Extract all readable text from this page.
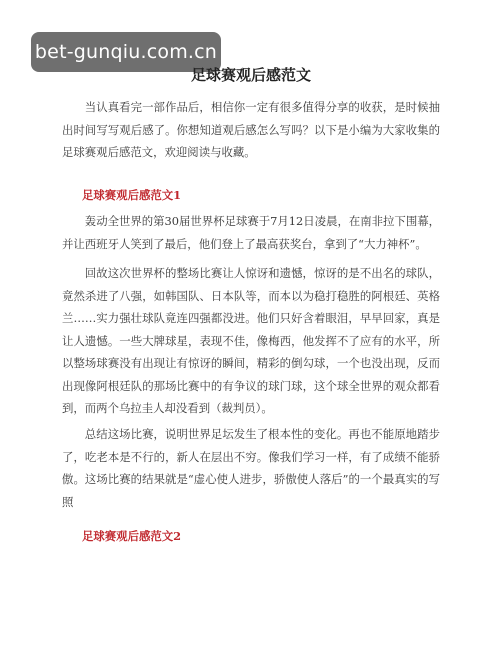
bet-gunqiu.com.cn
足球赛观后感范文

当认真看完一部作品后，相信你一定有很多值得分享的收获，是时候抽出时间写写观后感了。你想知道观后感怎么写吗？以下是小编为大家收集的足球赛观后感范文，欢迎阅读与收藏。

足球赛观后感范文1

轰动全世界的第30届世界杯足球赛于7月12日凌晨，在南非拉下围幕，并让西班牙人笑到了最后，他们登上了最高获奖台，拿到了“大力神杯”。

回故这次世界杯的整场比赛让人惊讶和遗憾，惊讶的是不出名的球队，竟然杀进了八强，如韩国队、日本队等，而本以为稳打稳胜的阿根廷、英格兰……实力强壮球队竟连四强都没进。他们只好含着眼泪，早早回家，真是让人遗憾。一些大牌球星，表现不佳，像梅西，他发挥不了应有的水平，所以整场球赛没有出现让有惊讶的瞬间，精彩的倒勾球，一个也没出现，反而出现像阿根廷队的那场比赛中的有争议的球门球，这个球全世界的观众都看到，而两个乌拉圭人却没看到（裁判员）。

总结这场比赛，说明世界足坛发生了根本性的变化。再也不能原地踏步了，吃老本是不行的，新人在层出不穷。像我们学习一样，有了成绩不能骄傲。这场比赛的结果就是“虚心使人进步，骄傲使人落后”的一个最真实的写照

足球赛观后感范文2
